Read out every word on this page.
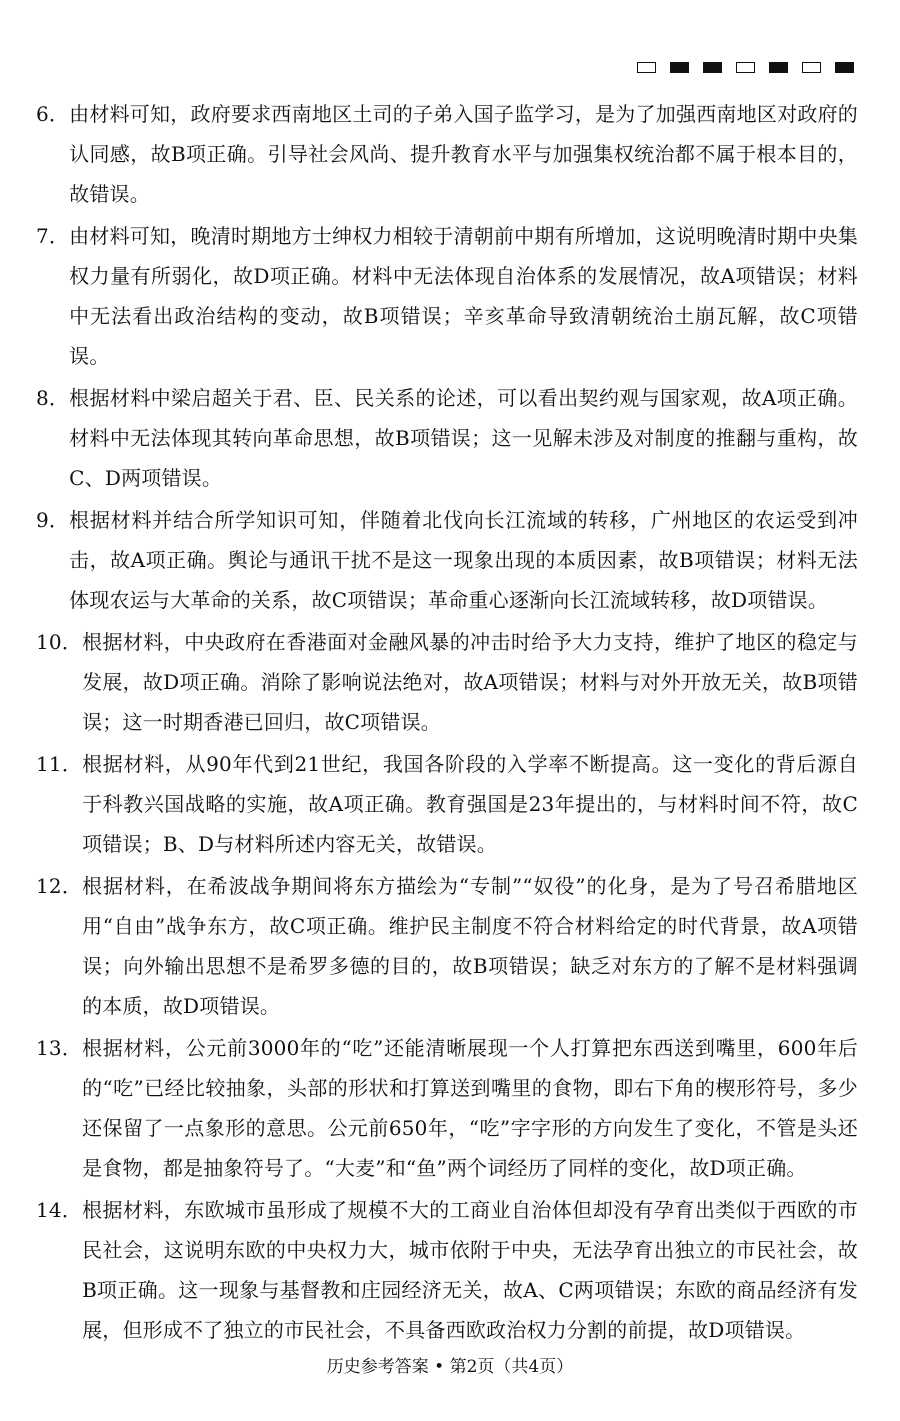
6． 由材料可知，政府要求西南地区土司的子弟入国子监学习，是为了加强西南地区对政府的认同感，故B项正确。引导社会风尚、提升教育水平与加强集权统治都不属于根本目的，故错误。
7． 由材料可知，晚清时期地方士绅权力相较于清朝前中期有所增加，这说明晚清时期中央集权力量有所弱化，故D项正确。材料中无法体现自治体系的发展情况，故A项错误；材料中无法看出政治结构的变动，故B项错误；辛亥革命导致清朝统治土崩瓦解，故C项错误。
8． 根据材料中梁启超关于君、臣、民关系的论述，可以看出契约观与国家观，故A项正确。材料中无法体现其转向革命思想，故B项错误；这一见解未涉及对制度的推翻与重构，故C、D两项错误。
9． 根据材料并结合所学知识可知，伴随着北伐向长江流域的转移，广州地区的农运受到冲击，故A项正确。舆论与通讯干扰不是这一现象出现的本质因素，故B项错误；材料无法体现农运与大革命的关系，故C项错误；革命重心逐渐向长江流域转移，故D项错误。
10． 根据材料，中央政府在香港面对金融风暴的冲击时给予大力支持，维护了地区的稳定与发展，故D项正确。消除了影响说法绝对，故A项错误；材料与对外开放无关，故B项错误；这一时期香港已回归，故C项错误。
11． 根据材料，从90年代到21世纪，我国各阶段的入学率不断提高。这一变化的背后源自于科教兴国战略的实施，故A项正确。教育强国是23年提出的，与材料时间不符，故C项错误；B、D与材料所述内容无关，故错误。
12． 根据材料，在希波战争期间将东方描绘为“专制”“奴役”的化身，是为了号召希腊地区用“自由”战争东方，故C项正确。维护民主制度不符合材料给定的时代背景，故A项错误；向外输出思想不是希罗多德的目的，故B项错误；缺乏对东方的了解不是材料强调的本质，故D项错误。
13． 根据材料，公元前3000年的“吃”还能清晰展现一个人打算把东西送到嘴里，600年后的“吃”已经比较抽象，头部的形状和打算送到嘴里的食物，即右下角的楔形符号，多少还保留了一点象形的意思。公元前650年，“吃”字字形的方向发生了变化，不管是头还是食物，都是抽象符号了。“大麦”和“鱼”两个词经历了同样的变化，故D项正确。
14． 根据材料，东欧城市虽形成了规模不大的工商业自治体但却没有孕育出类似于西欧的市民社会，这说明东欧的中央权力大，城市依附于中央，无法孕育出独立的市民社会，故B项正确。这一现象与基督教和庄园经济无关，故A、C两项错误；东欧的商品经济有发展，但形成不了独立的市民社会，不具备西欧政治权力分割的前提，故D项错误。
历史参考答案 • 第2页（共4页）
